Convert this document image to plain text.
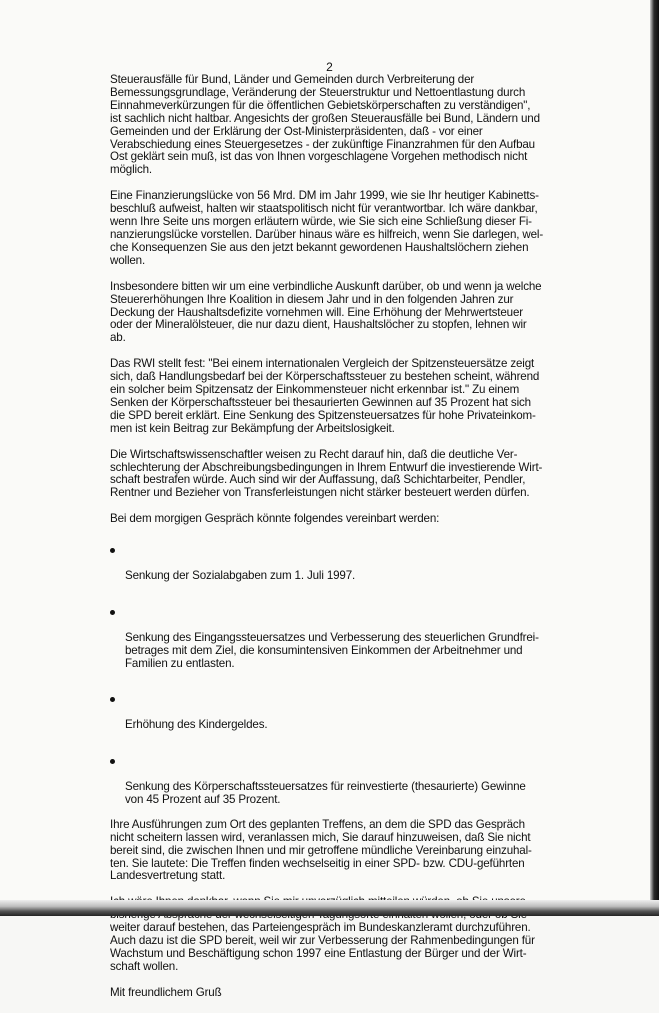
2

Steuerausfälle für Bund, Länder und Gemeinden durch Verbreiterung der
Bemessungsgrundlage, Veränderung der Steuerstruktur und Nettoentlastung durch
Einnahmeverkürzungen für die öffentlichen Gebietskörperschaften zu verständigen",
ist sachlich nicht haltbar. Angesichts der großen Steuerausfälle bei Bund, Ländern und
Gemeinden und der Erklärung der Ost-Ministerpräsidenten, daß - vor einer
Verabschiedung eines Steuergesetzes - der zukünftige Finanzrahmen für den Aufbau
Ost geklärt sein muß, ist das von Ihnen vorgeschlagene Vorgehen methodisch nicht
möglich.

Eine Finanzierungslücke von 56 Mrd. DM im Jahr 1999, wie sie Ihr heutiger Kabinetts-
beschluß aufweist, halten wir staatspolitisch nicht für verantwortbar. Ich wäre dankbar,
wenn Ihre Seite uns morgen erläutern würde, wie Sie sich eine Schließung dieser Fi-
nanzierungslücke vorstellen. Darüber hinaus wäre es hilfreich, wenn Sie darlegen, wel-
che Konsequenzen Sie aus den jetzt bekannt gewordenen Haushaltslöchern ziehen
wollen.

Insbesondere bitten wir um eine verbindliche Auskunft darüber, ob und wenn ja welche
Steuererhöhungen Ihre Koalition in diesem Jahr und in den folgenden Jahren zur
Deckung der Haushaltsdefizite vornehmen will. Eine Erhöhung der Mehrwertsteuer
oder der Mineralölsteuer, die nur dazu dient, Haushaltslöcher zu stopfen, lehnen wir
ab.

Das RWI stellt fest: "Bei einem internationalen Vergleich der Spitzensteuersätze zeigt
sich, daß Handlungsbedarf bei der Körperschaftssteuer zu bestehen scheint, während
ein solcher beim Spitzensatz der Einkommensteuer nicht erkennbar ist." Zu einem
Senken der Körperschaftssteuer bei thesaurierten Gewinnen auf 35 Prozent hat sich
die SPD bereit erklärt. Eine Senkung des Spitzensteuersatzes für hohe Privateinkom-
men ist kein Beitrag zur Bekämpfung der Arbeitslosigkeit.

Die Wirtschaftswissenschaftler weisen zu Recht darauf hin, daß die deutliche Ver-
schlechterung der Abschreibungsbedingungen in Ihrem Entwurf die investierende Wirt-
schaft bestrafen würde. Auch sind wir der Auffassung, daß Schichtarbeiter, Pendler,
Rentner und Bezieher von Transferleistungen nicht stärker besteuert werden dürfen.

Bei dem morgigen Gespräch könnte folgendes vereinbart werden:

Senkung der Sozialabgaben zum 1. Juli 1997.

Senkung des Eingangssteuersatzes und Verbesserung des steuerlichen Grundfrei-
betrages mit dem Ziel, die konsumintensiven Einkommen der Arbeitnehmer und
Familien zu entlasten.

Erhöhung des Kindergeldes.

Senkung des Körperschaftssteuersatzes für reinvestierte (thesaurierte) Gewinne
von 45 Prozent auf 35 Prozent.

Ihre Ausführungen zum Ort des geplanten Treffens, an dem die SPD das Gespräch
nicht scheitern lassen wird, veranlassen mich, Sie darauf hinzuweisen, daß Sie nicht
bereit sind, die zwischen Ihnen und mir getroffene mündliche Vereinbarung einzuhal-
ten. Sie lautete: Die Treffen finden wechselseitig in einer SPD- bzw. CDU-geführten
Landesvertretung statt.

weiter darauf bestehen, das Parteiengespräch im Bundeskanzleramt durchzuführen.
Auch dazu ist die SPD bereit, weil wir zur Verbesserung der Rahmenbedingungen für
Wachstum und Beschäftigung schon 1997 eine Entlastung der Bürger und der Wirt-
schaft wollen.

Mit freundlichem Gruß
